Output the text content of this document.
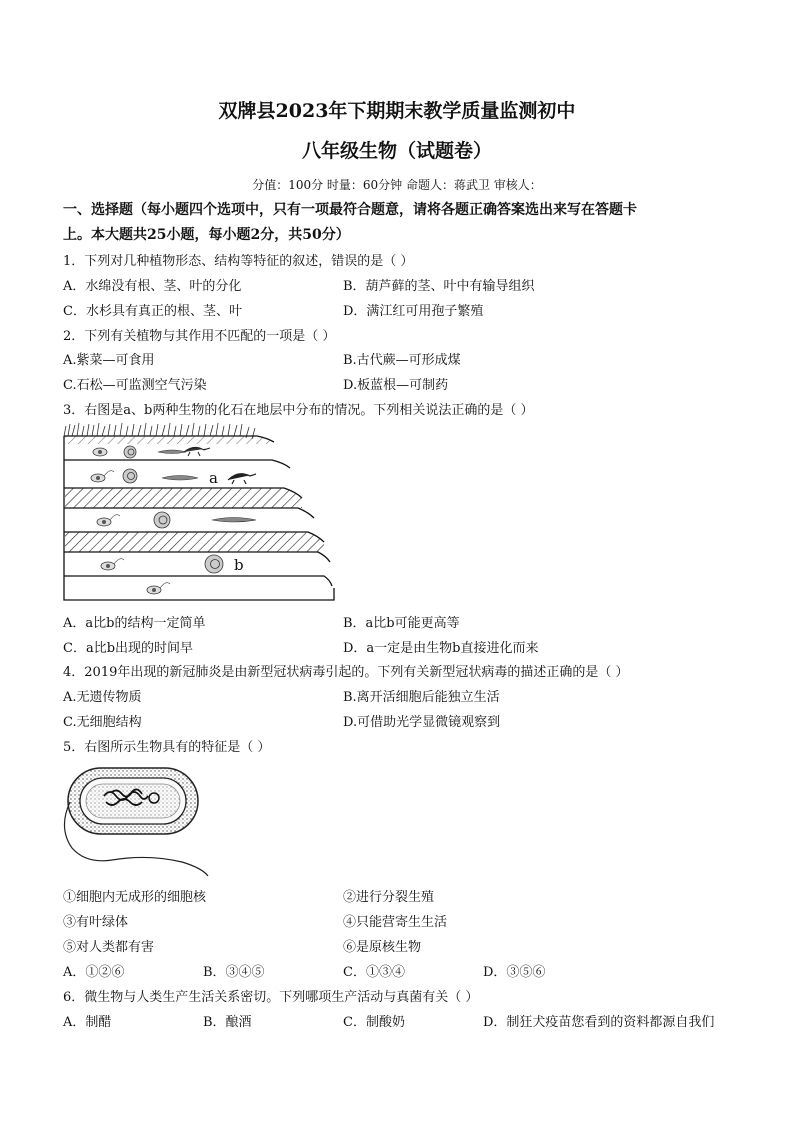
双牌县2023年下期期末教学质量监测初中
八年级生物（试题卷）
分值：100分 时量：60分钟 命题人：蒋武卫 审核人：
一、选择题（每小题四个选项中，只有一项最符合题意，请将各题正确答案选出来写在答题卡
上。本大题共25小题，每小题2分，共50分）
1．下列对几种植物形态、结构等特征的叙述，错误的是（ ）
A．水绵没有根、茎、叶的分化	B．葫芦藓的茎、叶中有输导组织
C．水杉具有真正的根、茎、叶	D．满江红可用孢子繁殖
2．下列有关植物与其作用不匹配的一项是（ ）
A.紫菜—可食用	B.古代蕨—可形成煤
C.石松—可监测空气污染	D.板蓝根—可制药
3．右图是a、b两种生物的化石在地层中分布的情况。下列相关说法正确的是（ ）
a
b
A．a比b的结构一定简单	B．a比b可能更高等
C．a比b出现的时间早	D．a一定是由生物b直接进化而来
4．2019年出现的新冠肺炎是由新型冠状病毒引起的。下列有关新型冠状病毒的描述正确的是（ ）
A.无遗传物质	B.离开活细胞后能独立生活
C.无细胞结构	D.可借助光学显微镜观察到
5．右图所示生物具有的特征是（ ）
①细胞内无成形的细胞核	②进行分裂生殖
③有叶绿体	④只能营寄生生活
⑤对人类都有害	⑥是原核生物
A．①②⑥	B．③④⑤	C．①③④	D．③⑤⑥
6．微生物与人类生产生活关系密切。下列哪项生产活动与真菌有关（ ）
A．制醋	B．酿酒	C．制酸奶	D．制狂犬疫苗您看到的资料都源自我们
